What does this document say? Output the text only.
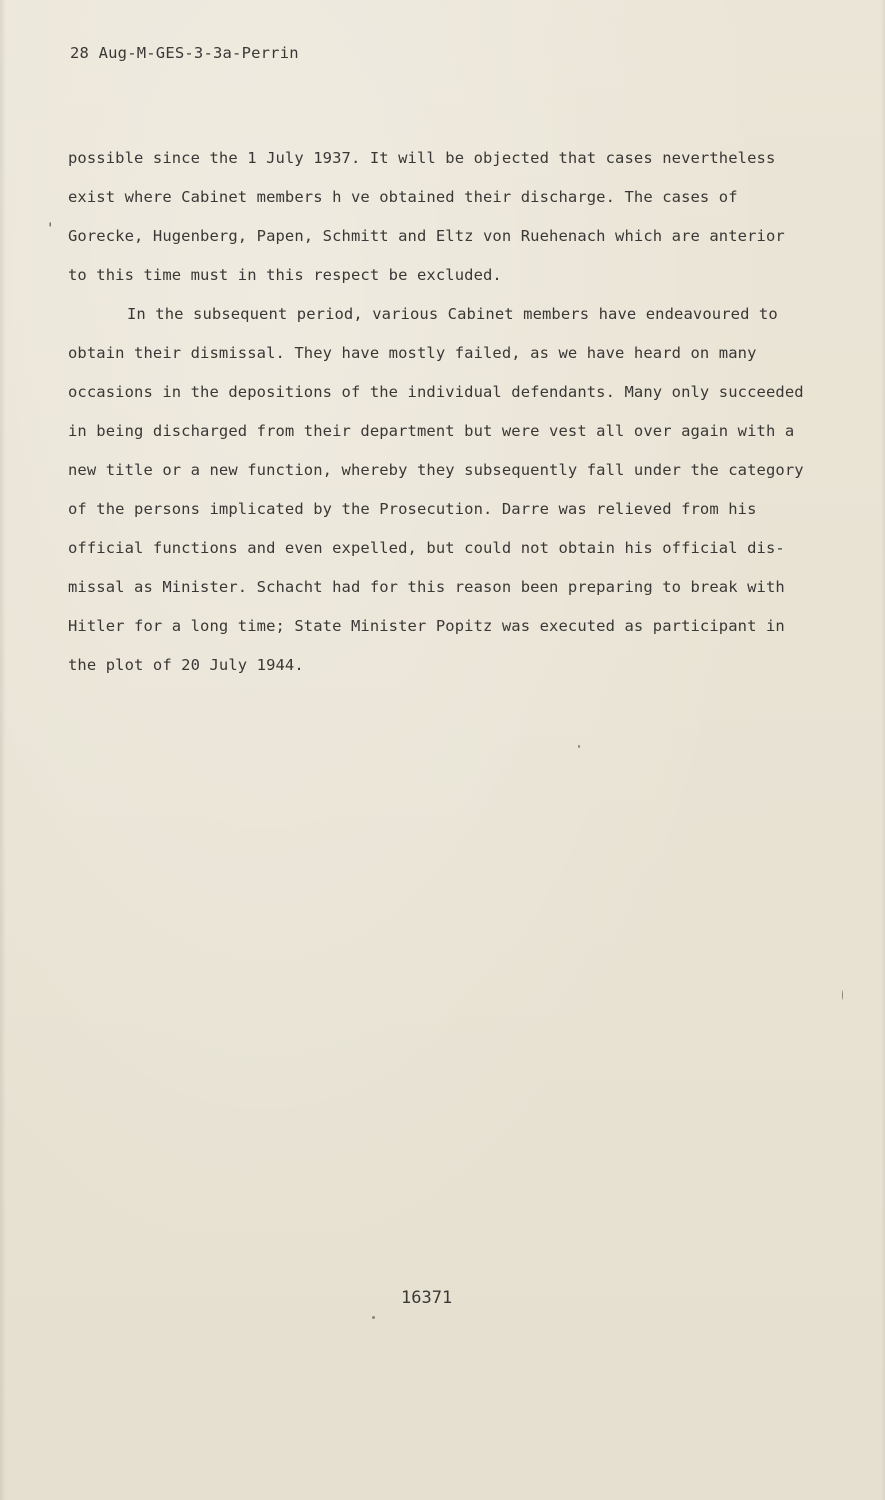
28 Aug-M-GES-3-3a-Perrin
'
possible since the 1 July 1937. It will be objected that cases nevertheless
exist where Cabinet members h ve obtained their discharge. The cases of
Gorecke, Hugenberg, Papen, Schmitt and Eltz von Ruehenach which are anterior
to this time must in this respect be excluded.
In the subsequent period, various Cabinet members have endeavoured to
obtain their dismissal. They have mostly failed, as we have heard on many
occasions in the depositions of the individual defendants. Many only succeeded
in being discharged from their department but were vest all over again with a
new title or a new function, whereby they subsequently fall under the category
of the persons implicated by the Prosecution. Darre was relieved from his
official functions and even expelled, but could not obtain his official dis-
missal as Minister. Schacht had for this reason been preparing to break with
Hitler for a long time; State Minister Popitz was executed as participant in
the plot of 20 July 1944.
16371
